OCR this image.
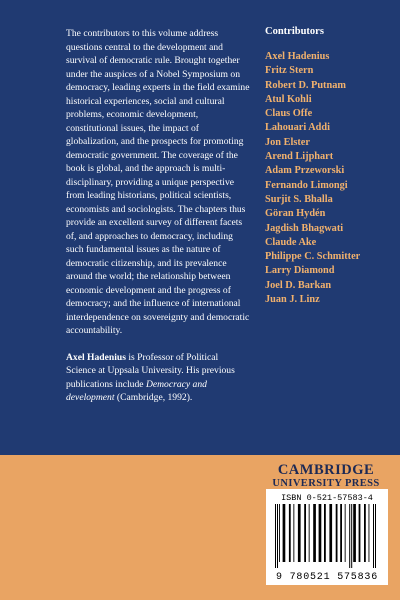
The contributors to this volume address questions central to the development and survival of democratic rule. Brought together under the auspices of a Nobel Symposium on democracy, leading experts in the field examine historical experiences, social and cultural problems, economic development, constitutional issues, the impact of globalization, and the prospects for promoting democratic government. The coverage of the book is global, and the approach is multi-disciplinary, providing a unique perspective from leading historians, political scientists, economists and sociologists. The chapters thus provide an excellent survey of different facets of, and approaches to democracy, including such fundamental issues as the nature of democratic citizenship, and its prevalence around the world; the relationship between economic development and the progress of democracy; and the influence of international interdependence on sovereignty and democratic accountability.

Axel Hadenius is Professor of Political Science at Uppsala University. His previous publications include Democracy and development (Cambridge, 1992).

Contributors
Axel Hadenius
Fritz Stern
Robert D. Putnam
Atul Kohli
Claus Offe
Lahouari Addi
Jon Elster
Arend Lijphart
Adam Przeworski
Fernando Limongi
Surjit S. Bhalla
Göran Hydén
Jagdish Bhagwati
Claude Ake
Philippe C. Schmitter
Larry Diamond
Joel D. Barkan
Juan J. Linz
CAMBRIDGE
UNIVERSITY PRESS
ISBN 0-521-57583-4
9 780521 575836
